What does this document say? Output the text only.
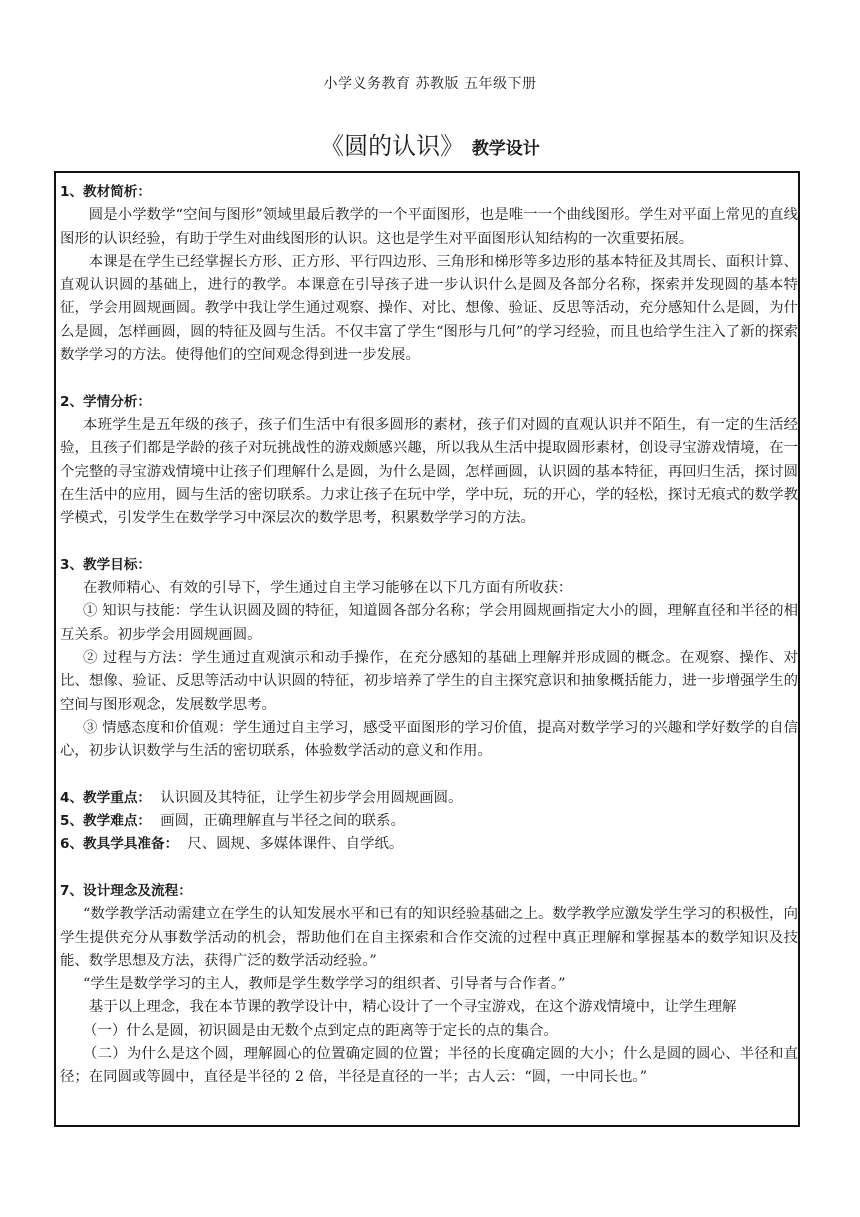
小学义务教育 苏教版 五年级下册
《圆的认识》 教学设计
1、教材简析：

圆是小学数学“空间与图形”领域里最后教学的一个平面图形，也是唯一一个曲线图形。学生对平面上常见的直线图形的认识经验，有助于学生对曲线图形的认识。这也是学生对平面图形认知结构的一次重要拓展。

本课是在学生已经掌握长方形、正方形、平行四边形、三角形和梯形等多边形的基本特征及其周长、面积计算、直观认识圆的基础上，进行的教学。本课意在引导孩子进一步认识什么是圆及各部分名称，探索并发现圆的基本特征，学会用圆规画圆。教学中我让学生通过观察、操作、对比、想像、验证、反思等活动，充分感知什么是圆，为什么是圆，怎样画圆，圆的特征及圆与生活。不仅丰富了学生“图形与几何”的学习经验，而且也给学生注入了新的探索数学学习的方法。使得他们的空间观念得到进一步发展。

2、学情分析：

本班学生是五年级的孩子，孩子们生活中有很多圆形的素材，孩子们对圆的直观认识并不陌生，有一定的生活经验，且孩子们都是学龄的孩子对玩挑战性的游戏颇感兴趣，所以我从生活中提取圆形素材，创设寻宝游戏情境，在一个完整的寻宝游戏情境中让孩子们理解什么是圆，为什么是圆，怎样画圆，认识圆的基本特征，再回归生活，探讨圆在生活中的应用，圆与生活的密切联系。力求让孩子在玩中学，学中玩，玩的开心，学的轻松，探讨无痕式的数学教学模式，引发学生在数学学习中深层次的数学思考，积累数学学习的方法。

3、教学目标：

在教师精心、有效的引导下，学生通过自主学习能够在以下几方面有所收获：

① 知识与技能：学生认识圆及圆的特征，知道圆各部分名称；学会用圆规画指定大小的圆，理解直径和半径的相互关系。初步学会用圆规画圆。

② 过程与方法：学生通过直观演示和动手操作，在充分感知的基础上理解并形成圆的概念。在观察、操作、对比、想像、验证、反思等活动中认识圆的特征，初步培养了学生的自主探究意识和抽象概括能力，进一步增强学生的空间与图形观念，发展数学思考。

③ 情感态度和价值观：学生通过自主学习，感受平面图形的学习价值，提高对数学学习的兴趣和学好数学的自信心，初步认识数学与生活的密切联系，体验数学活动的意义和作用。

4、教学重点： 认识圆及其特征，让学生初步学会用圆规画圆。
5、教学难点： 画圆，正确理解直与半径之间的联系。
6、教具学具准备： 尺、圆规、多媒体课件、自学纸。
7、设计理念及流程：

“数学教学活动需建立在学生的认知发展水平和已有的知识经验基础之上。数学教学应激发学生学习的积极性，向学生提供充分从事数学活动的机会，帮助他们在自主探索和合作交流的过程中真正理解和掌握基本的数学知识及技能、数学思想及方法，获得广泛的数学活动经验。”

“学生是数学学习的主人，教师是学生数学学习的组织者、引导者与合作者。”

基于以上理念，我在本节课的教学设计中，精心设计了一个寻宝游戏，在这个游戏情境中，让学生理解

（一）什么是圆，初识圆是由无数个点到定点的距离等于定长的点的集合。

（二）为什么是这个圆，理解圆心的位置确定圆的位置；半径的长度确定圆的大小；什么是圆的圆心、半径和直径；在同圆或等圆中，直径是半径的 2 倍，半径是直径的一半；古人云：“圆，一中同长也。”
